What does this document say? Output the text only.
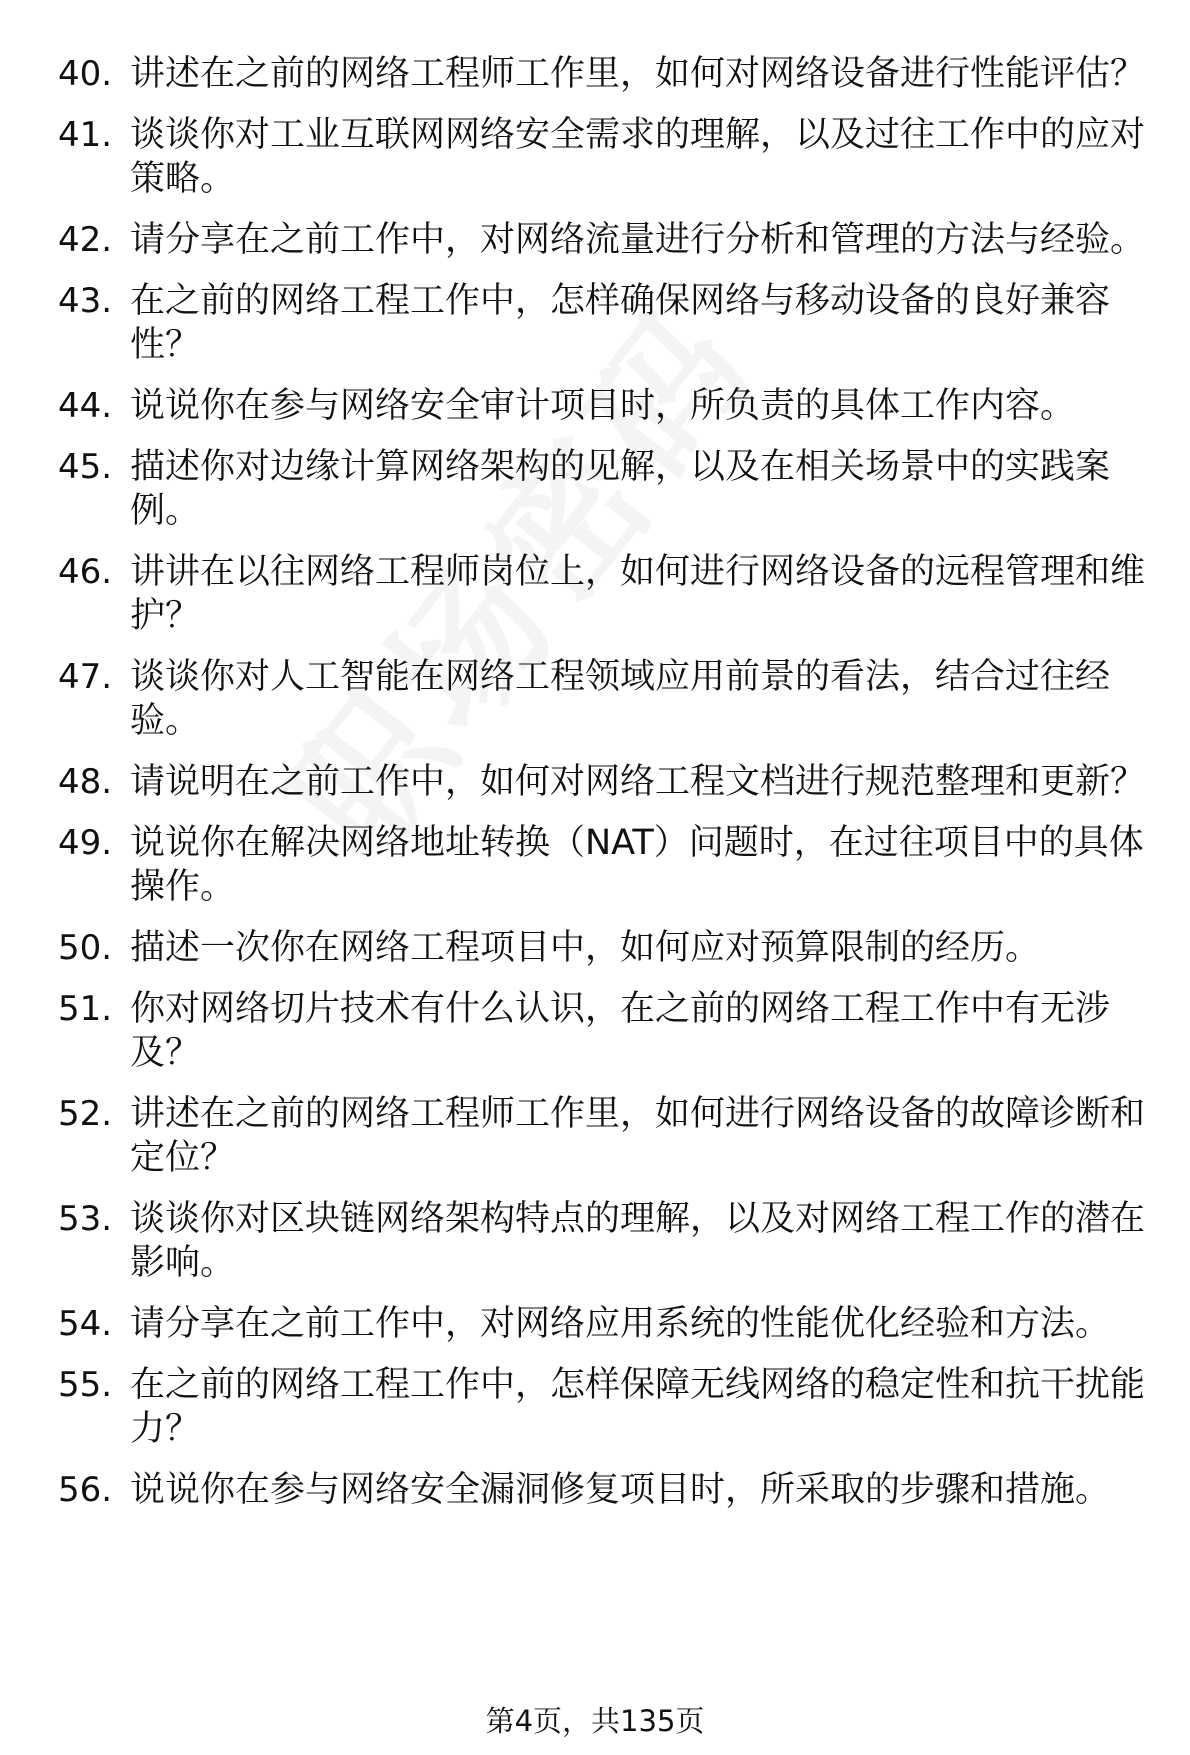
40. 讲述在之前的网络工程师工作里，如何对网络设备进行性能评估？
41. 谈谈你对工业互联网网络安全需求的理解，以及过往工作中的应对策略。
42. 请分享在之前工作中，对网络流量进行分析和管理的方法与经验。
43. 在之前的网络工程工作中，怎样确保网络与移动设备的良好兼容性？
44. 说说你在参与网络安全审计项目时，所负责的具体工作内容。
45. 描述你对边缘计算网络架构的见解，以及在相关场景中的实践案例。
46. 讲讲在以往网络工程师岗位上，如何进行网络设备的远程管理和维护？
47. 谈谈你对人工智能在网络工程领域应用前景的看法，结合过往经验。
48. 请说明在之前工作中，如何对网络工程文档进行规范整理和更新？
49. 说说你在解决网络地址转换（NAT）问题时，在过往项目中的具体操作。
50. 描述一次你在网络工程项目中，如何应对预算限制的经历。
51. 你对网络切片技术有什么认识，在之前的网络工程工作中有无涉及？
52. 讲述在之前的网络工程师工作里，如何进行网络设备的故障诊断和定位？
53. 谈谈你对区块链网络架构特点的理解，以及对网络工程工作的潜在影响。
54. 请分享在之前工作中，对网络应用系统的性能优化经验和方法。
55. 在之前的网络工程工作中，怎样保障无线网络的稳定性和抗干扰能力？
56. 说说你在参与网络安全漏洞修复项目时，所采取的步骤和措施。
第4页，共135页
